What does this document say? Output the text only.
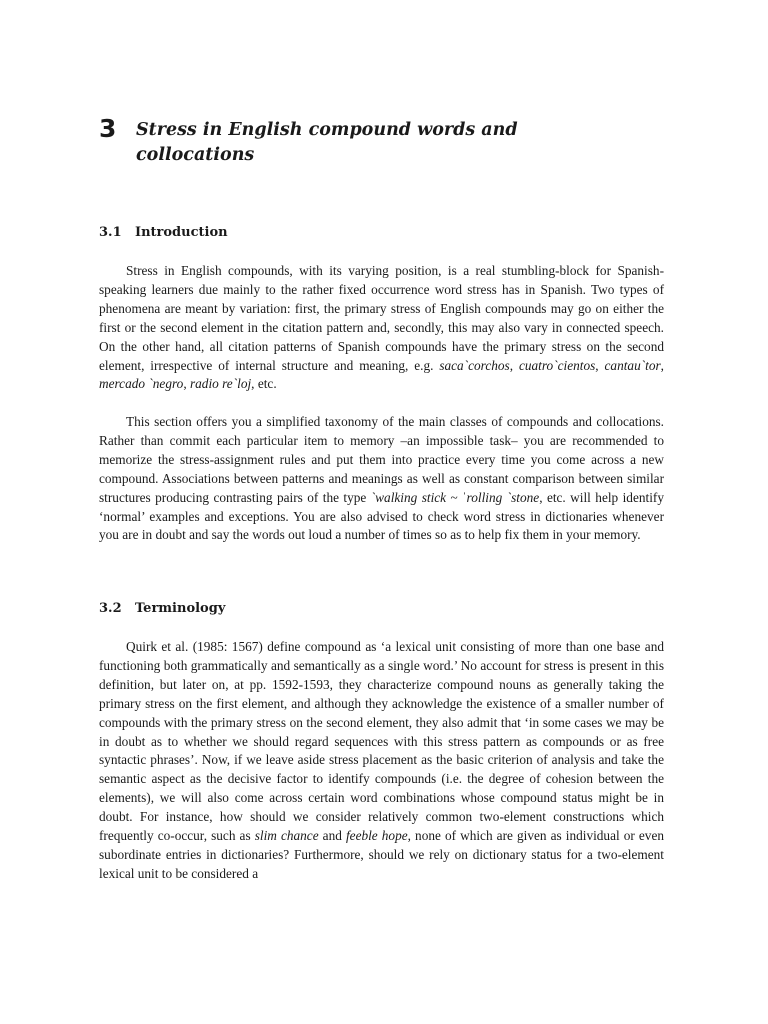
3	Stress in English compound words and collocations
3.1 Introduction

Stress in English compounds, with its varying position, is a real stumbling-block for Spanish-speaking learners due mainly to the rather fixed occurrence word stress has in Spanish. Two types of phenomena are meant by variation: first, the primary stress of English compounds may go on either the first or the second element in the citation pattern and, secondly, this may also vary in connected speech. On the other hand, all citation patterns of Spanish compounds have the primary stress on the second element, irrespective of internal structure and meaning, e.g. saca`corchos, cuatro`cientos, cantau`tor, mercado `negro, radio re`loj, etc.

This section offers you a simplified taxonomy of the main classes of compounds and collocations. Rather than commit each particular item to memory –an impossible task– you are recommended to memorize the stress-assignment rules and put them into practice every time you come across a new compound. Associations between patterns and meanings as well as constant comparison between similar structures producing contrasting pairs of the type `walking stick ~ ˈrolling `stone, etc. will help identify ‘normal’ examples and exceptions. You are also advised to check word stress in dictionaries whenever you are in doubt and say the words out loud a number of times so as to help fix them in your memory.

3.2 Terminology

Quirk et al. (1985: 1567) define compound as ‘a lexical unit consisting of more than one base and functioning both grammatically and semantically as a single word.’ No account for stress is present in this definition, but later on, at pp. 1592-1593, they characterize compound nouns as generally taking the primary stress on the first element, and although they acknowledge the existence of a smaller number of compounds with the primary stress on the second element, they also admit that ‘in some cases we may be in doubt as to whether we should regard sequences with this stress pattern as compounds or as free syntactic phrases’. Now, if we leave aside stress placement as the basic criterion of analysis and take the semantic aspect as the decisive factor to identify compounds (i.e. the degree of cohesion between the elements), we will also come across certain word combinations whose compound status might be in doubt. For instance, how should we consider relatively common two-element constructions which frequently co-occur, such as slim chance and feeble hope, none of which are given as individual or even subordinate entries in dictionaries? Furthermore, should we rely on dictionary status for a two-element lexical unit to be considered a
